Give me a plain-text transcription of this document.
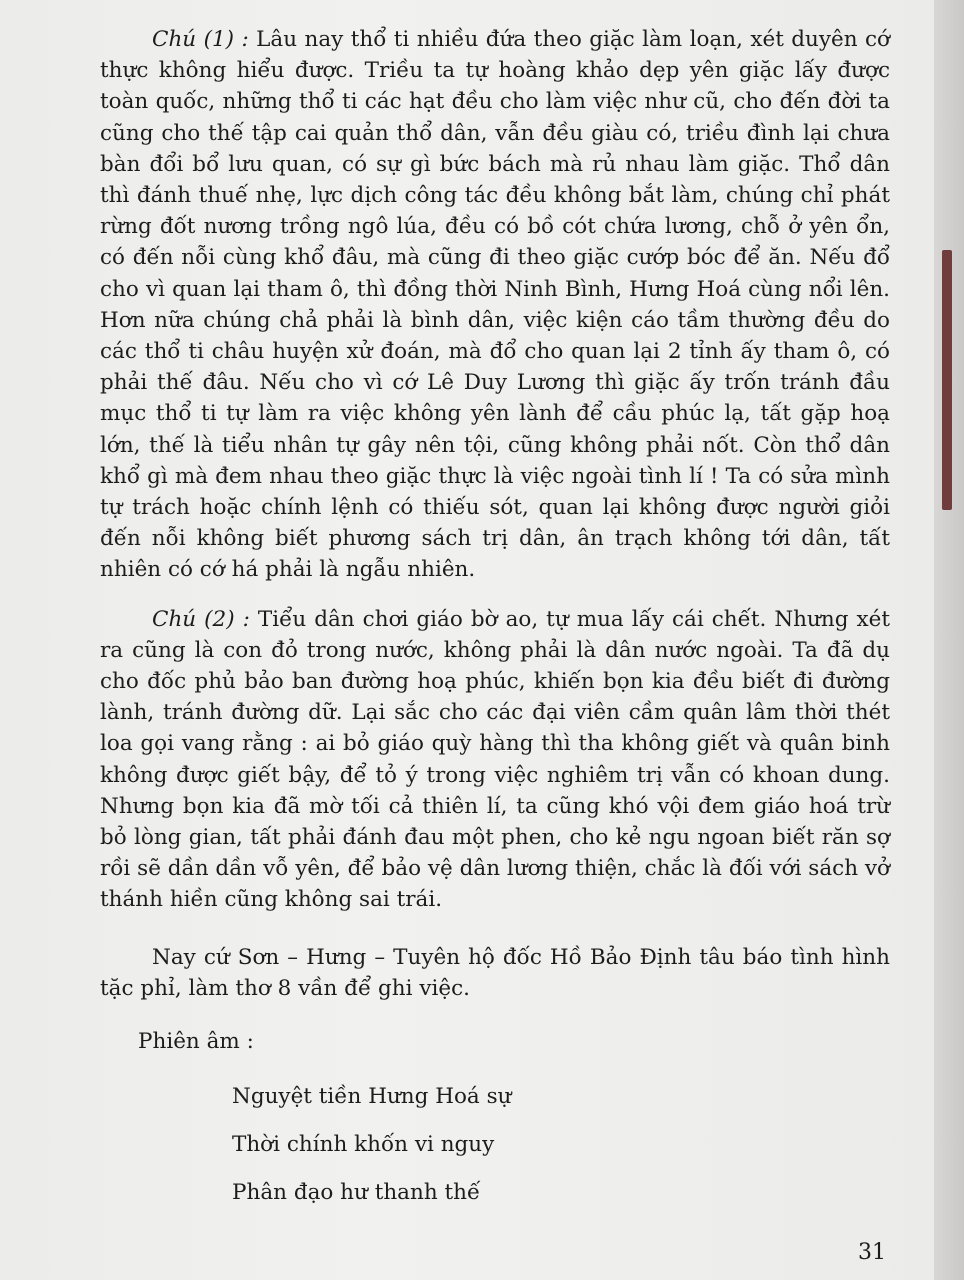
Chú (1) : Lâu nay thổ ti nhiều đứa theo giặc làm loạn, xét duyên cớ thực không hiểu được. Triều ta tự hoàng khảo dẹp yên giặc lấy được toàn quốc, những thổ ti các hạt đều cho làm việc như cũ, cho đến đời ta cũng cho thế tập cai quản thổ dân, vẫn đều giàu có, triều đình lại chưa bàn đổi bổ lưu quan, có sự gì bức bách mà rủ nhau làm giặc. Thổ dân thì đánh thuế nhẹ, lực dịch công tác đều không bắt làm, chúng chỉ phát rừng đốt nương trồng ngô lúa, đều có bồ cót chứa lương, chỗ ở yên ổn, có đến nỗi cùng khổ đâu, mà cũng đi theo giặc cướp bóc để ăn. Nếu đổ cho vì quan lại tham ô, thì đồng thời Ninh Bình, Hưng Hoá cùng nổi lên. Hơn nữa chúng chả phải là bình dân, việc kiện cáo tầm thường đều do các thổ ti châu huyện xử đoán, mà đổ cho quan lại 2 tỉnh ấy tham ô, có phải thế đâu. Nếu cho vì cớ Lê Duy Lương thì giặc ấy trốn tránh đầu mục thổ ti tự làm ra việc không yên lành để cầu phúc lạ, tất gặp hoạ lớn, thế là tiểu nhân tự gây nên tội, cũng không phải nốt. Còn thổ dân khổ gì mà đem nhau theo giặc thực là việc ngoài tình lí ! Ta có sửa mình tự trách hoặc chính lệnh có thiếu sót, quan lại không được người giỏi đến nỗi không biết phương sách trị dân, ân trạch không tới dân, tất nhiên có cớ há phải là ngẫu nhiên.

Chú (2) : Tiểu dân chơi giáo bờ ao, tự mua lấy cái chết. Nhưng xét ra cũng là con đỏ trong nước, không phải là dân nước ngoài. Ta đã dụ cho đốc phủ bảo ban đường hoạ phúc, khiến bọn kia đều biết đi đường lành, tránh đường dữ. Lại sắc cho các đại viên cầm quân lâm thời thét loa gọi vang rằng : ai bỏ giáo quỳ hàng thì tha không giết và quân binh không được giết bậy, để tỏ ý trong việc nghiêm trị vẫn có khoan dung. Nhưng bọn kia đã mờ tối cả thiên lí, ta cũng khó vội đem giáo hoá trừ bỏ lòng gian, tất phải đánh đau một phen, cho kẻ ngu ngoan biết răn sợ rồi sẽ dần dần vỗ yên, để bảo vệ dân lương thiện, chắc là đối với sách vở thánh hiền cũng không sai trái.

Nay cứ Sơn – Hưng – Tuyên hộ đốc Hồ Bảo Định tâu báo tình hình tặc phỉ, làm thơ 8 vần để ghi việc.

Phiên âm :
Nguyệt tiền Hưng Hoá sự
Thời chính khốn vi nguy
Phân đạo hư thanh thế
31
